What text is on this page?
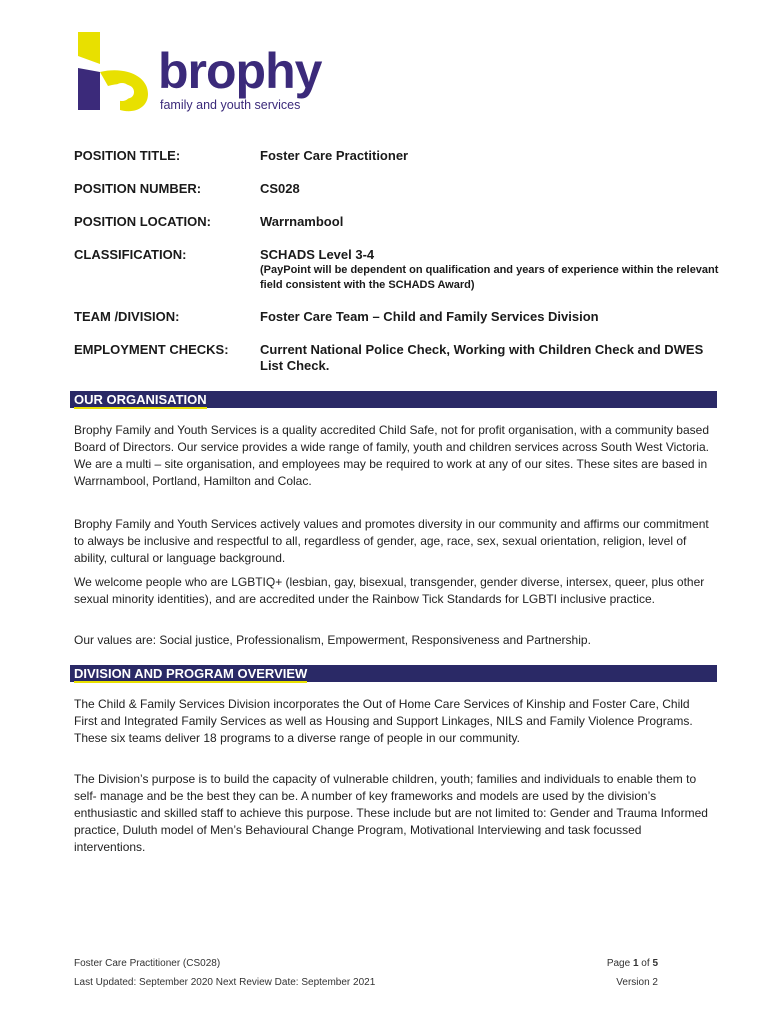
brophy
family and youth services
POSITION TITLE:	Foster Care Practitioner
POSITION NUMBER:	CS028
POSITION LOCATION:	Warrnambool
CLASSIFICATION:	SCHADS Level 3-4
(PayPoint will be dependent on qualification and years of experience within the relevant field consistent with the SCHADS Award)
TEAM /DIVISION:	Foster Care Team – Child and Family Services Division
EMPLOYMENT CHECKS: Current National Police Check, Working with Children Check and DWES List Check.
OUR ORGANISATION
Brophy Family and Youth Services is a quality accredited Child Safe, not for profit organisation, with a community based Board of Directors. Our service provides a wide range of family, youth and children services across South West Victoria. We are a multi – site organisation, and employees may be required to work at any of our sites. These sites are based in Warrnambool, Portland, Hamilton and Colac.
Brophy Family and Youth Services actively values and promotes diversity in our community and affirms our commitment to always be inclusive and respectful to all, regardless of gender, age, race, sex, sexual orientation, religion, level of ability, cultural or language background.
We welcome people who are LGBTIQ+ (lesbian, gay, bisexual, transgender, gender diverse, intersex, queer, plus other sexual minority identities), and are accredited under the Rainbow Tick Standards for LGBTI inclusive practice.
Our values are: Social justice, Professionalism, Empowerment, Responsiveness and Partnership.
DIVISION AND PROGRAM OVERVIEW
The Child & Family Services Division incorporates the Out of Home Care Services of Kinship and Foster Care, Child First and Integrated Family Services as well as Housing and Support Linkages, NILS and Family Violence Programs. These six teams deliver 18 programs to a diverse range of people in our community.
The Division’s purpose is to build the capacity of vulnerable children, youth; families and individuals to enable them to self- manage and be the best they can be. A number of key frameworks and models are used by the division’s enthusiastic and skilled staff to achieve this purpose. These include but are not limited to: Gender and Trauma Informed practice, Duluth model of Men’s Behavioural Change Program, Motivational Interviewing and task focussed interventions.
Foster Care Practitioner (CS028)
Last Updated: September 2020 Next Review Date: September 2021
Page 1 of 5
Version 2
